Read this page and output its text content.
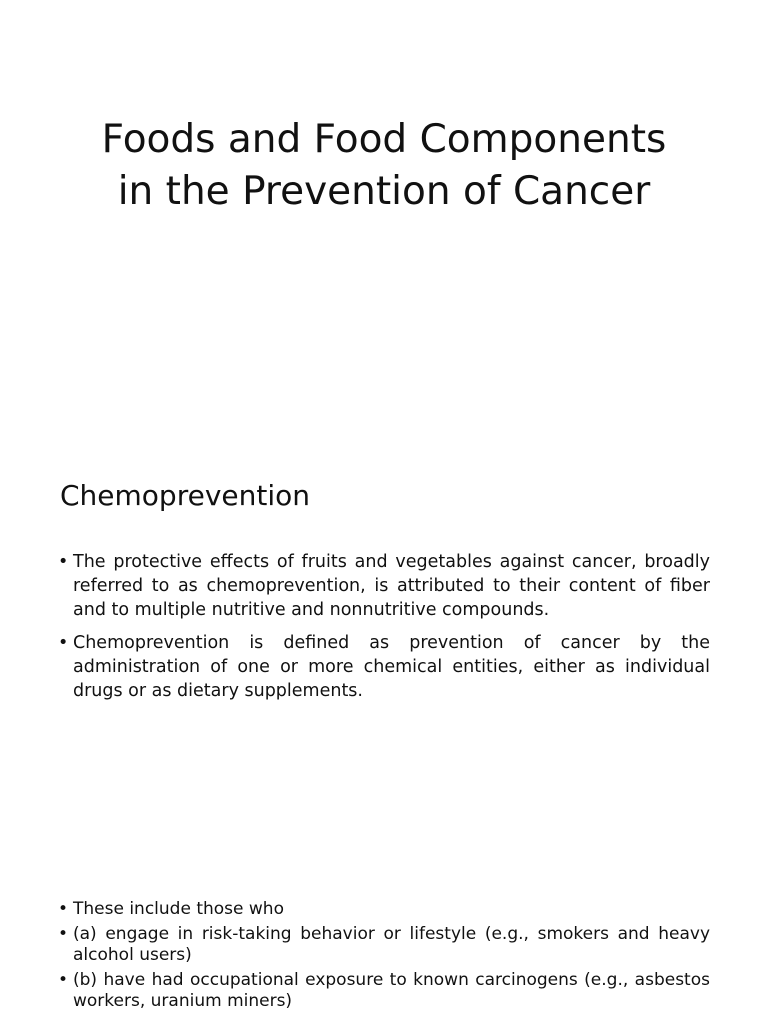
Foods and Food Components
in the Prevention of Cancer
Chemoprevention
• The protective effects of fruits and vegetables against cancer, broadly referred to as chemoprevention, is attributed to their content of fiber and to multiple nutritive and nonnutritive compounds.
• Chemoprevention is defined as prevention of cancer by the administration of one or more chemical entities, either as individual drugs or as dietary supplements.
• These include those who
• (a) engage in risk-taking behavior or lifestyle (e.g., smokers and heavy alcohol users)
• (b) have had occupational exposure to known carcinogens (e.g., asbestos workers, uranium miners)
